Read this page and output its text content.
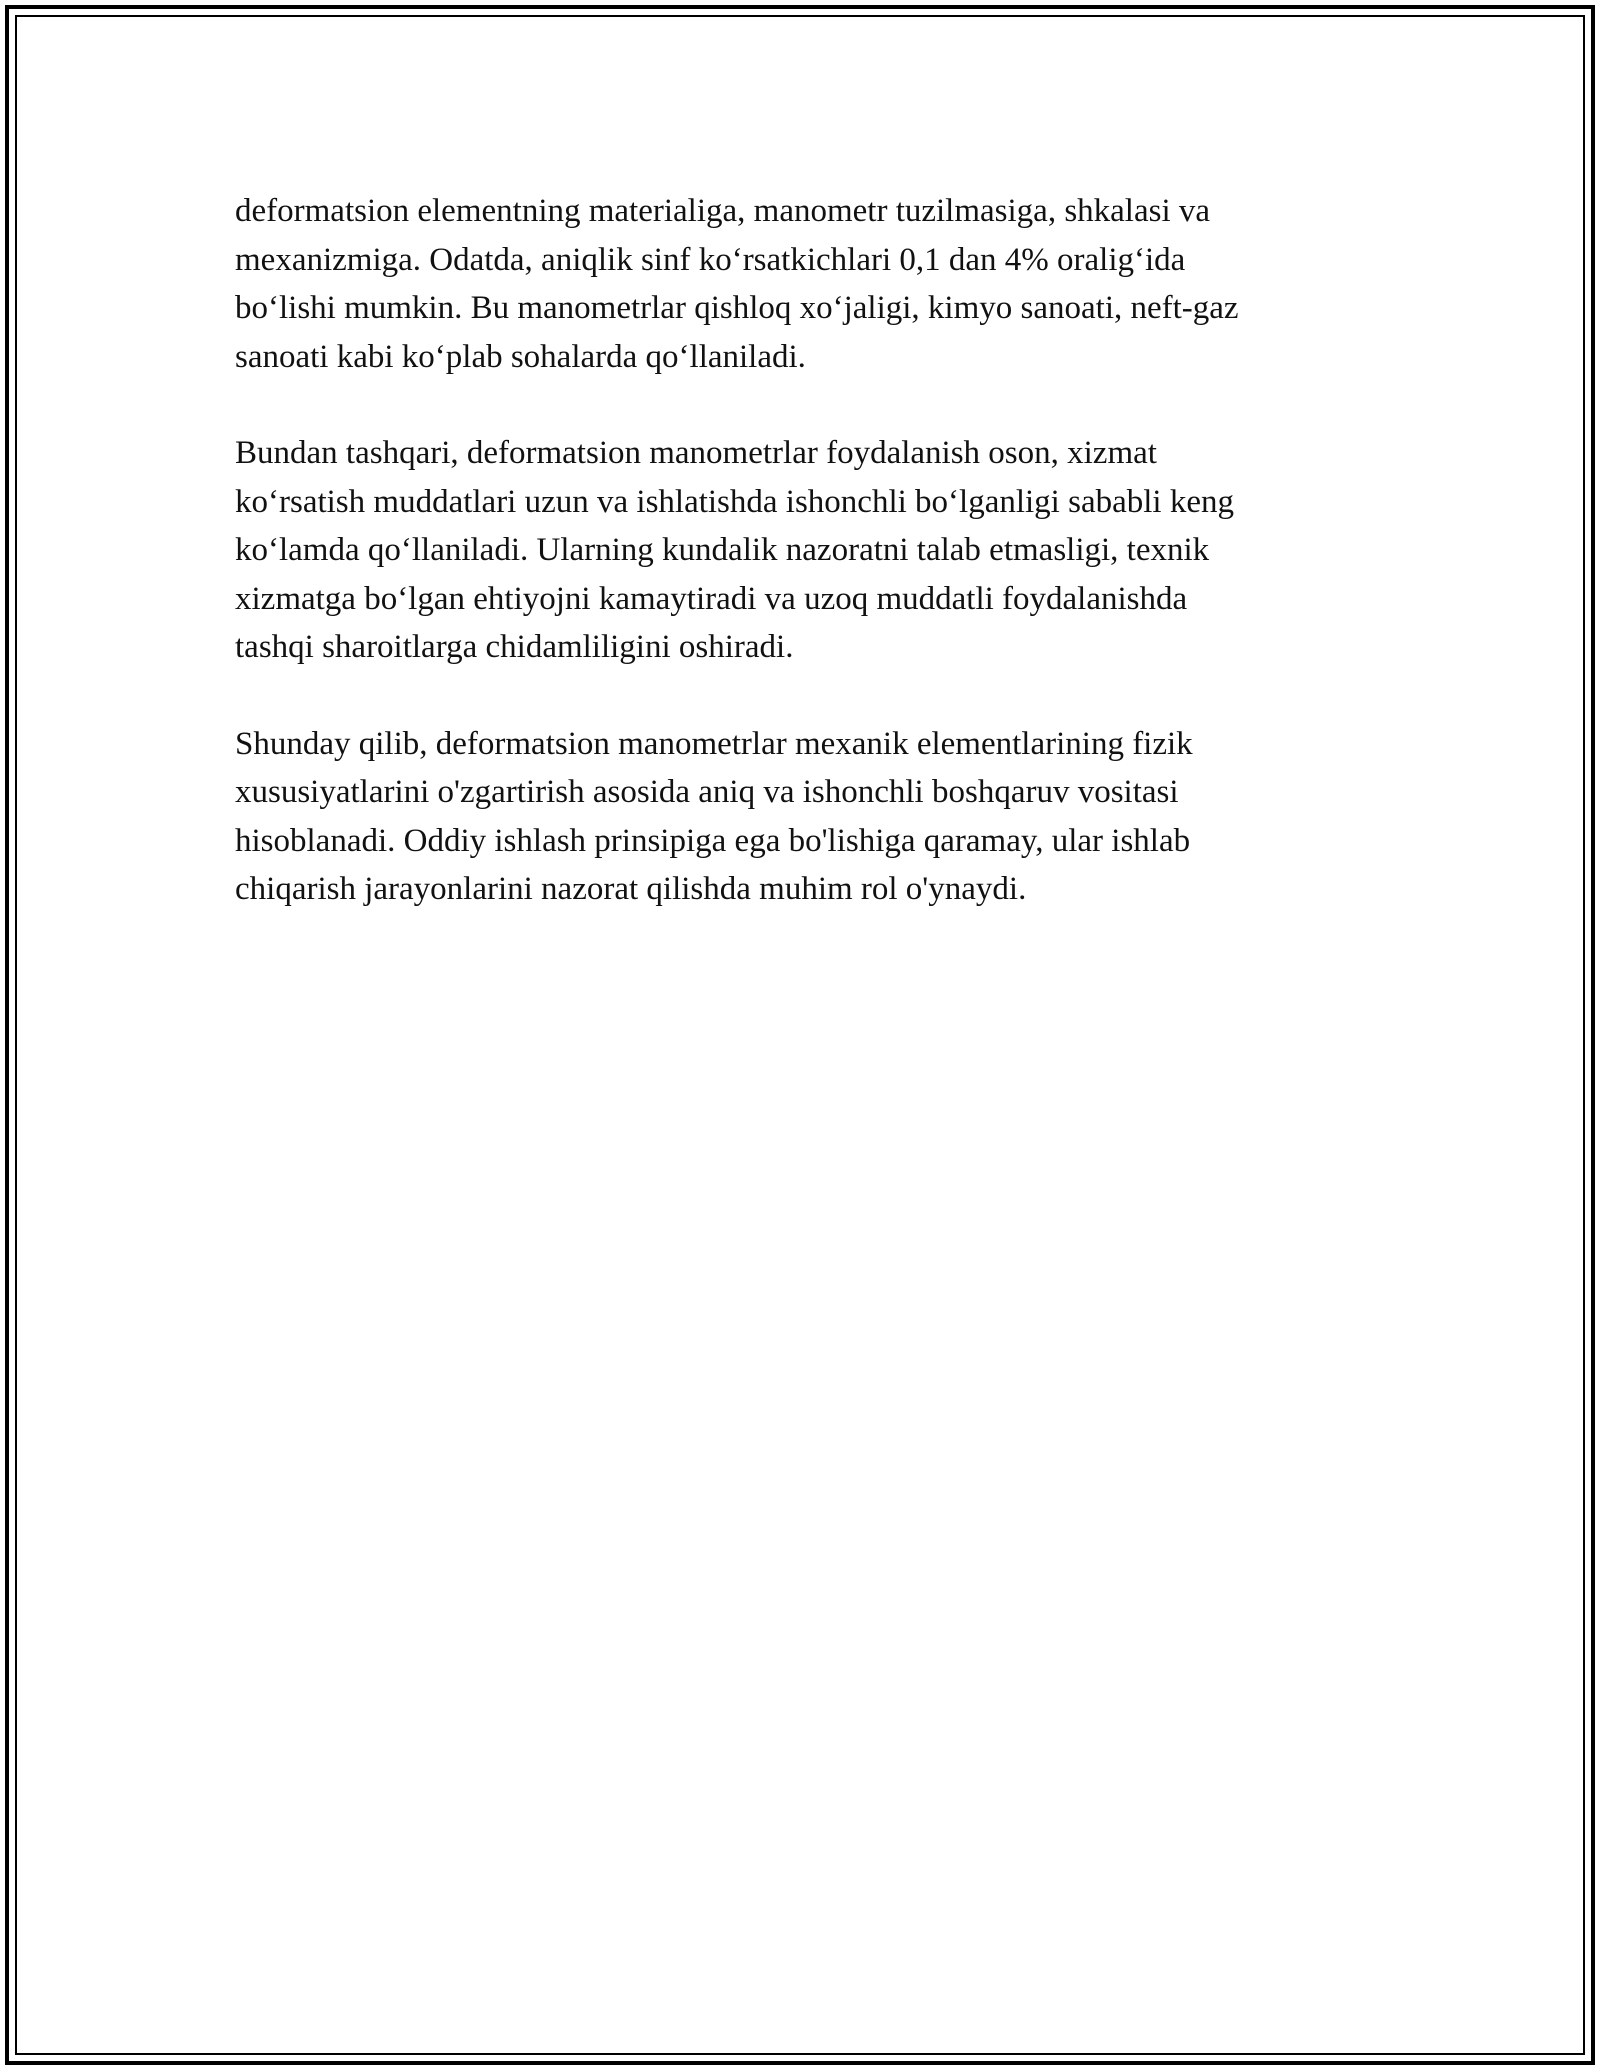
deformatsion elementning materialiga, manometr tuzilmasiga, shkalasi va
mexanizmiga. Odatda, aniqlik sinf ko‘rsatkichlari 0,1 dan 4% oralig‘ida
bo‘lishi mumkin. Bu manometrlar qishloq xo‘jaligi, kimyo sanoati, neft-gaz
sanoati kabi ko‘plab sohalarda qo‘llaniladi.

Bundan tashqari, deformatsion manometrlar foydalanish oson, xizmat
ko‘rsatish muddatlari uzun va ishlatishda ishonchli bo‘lganligi sababli keng
ko‘lamda qo‘llaniladi. Ularning kundalik nazoratni talab etmasligi, texnik
xizmatga bo‘lgan ehtiyojni kamaytiradi va uzoq muddatli foydalanishda
tashqi sharoitlarga chidamliligini oshiradi.

Shunday qilib, deformatsion manometrlar mexanik elementlarining fizik
xususiyatlarini o'zgartirish asosida aniq va ishonchli boshqaruv vositasi
hisoblanadi. Oddiy ishlash prinsipiga ega bo'lishiga qaramay, ular ishlab
chiqarish jarayonlarini nazorat qilishda muhim rol o'ynaydi.
